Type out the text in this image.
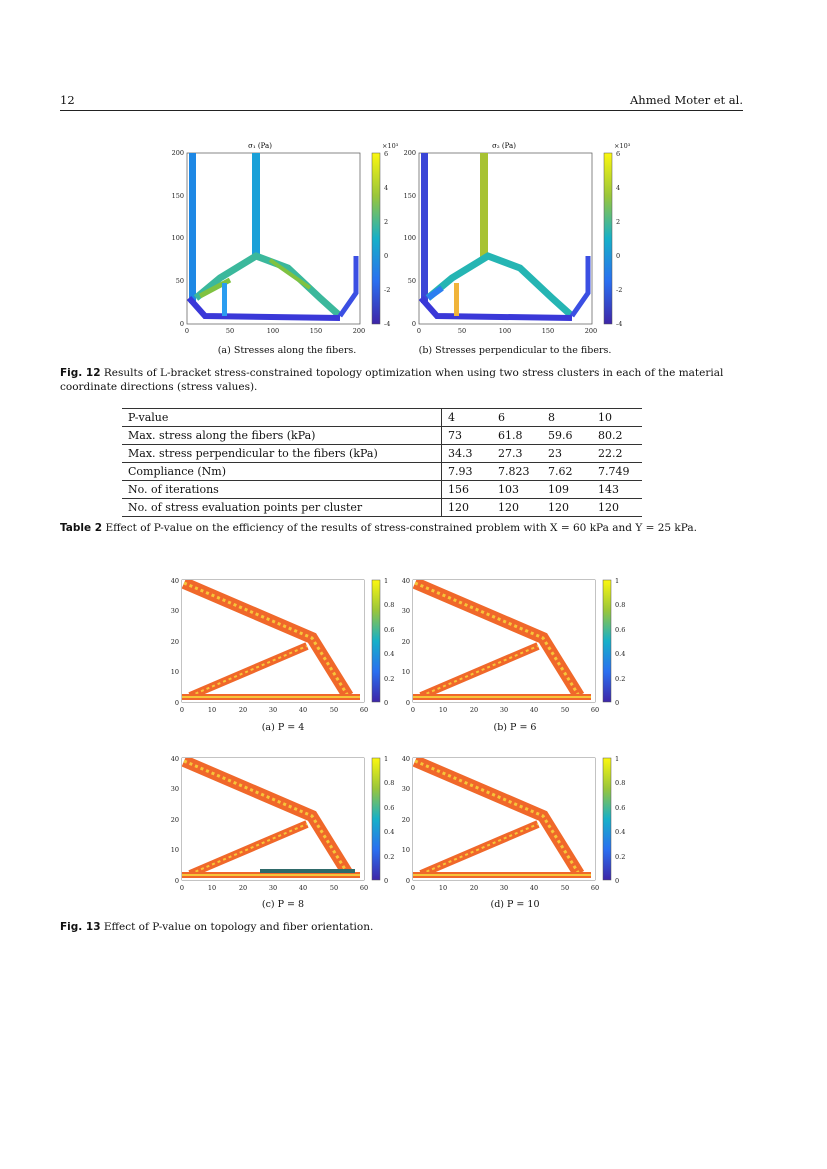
12	Ahmed Moter et al.
σ₁ (Pa)
200
150
100
50
0
0	50	100	150	200
×10³
6
4
2
0
-2
-4
σ₂ (Pa)
200
150
100
50
0
0	50	100	150	200
×10³
6
4
2
0
-2
-4
(a) Stresses along the fibers.	(b) Stresses perpendicular to the fibers.
Fig. 12 Results of L-bracket stress-constrained topology optimization when using two stress clusters in each of the material coordinate directions (stress values).
P-value	4	6	8	10
Max. stress along the fibers (kPa)	73	61.8	59.6	80.2
Max. stress perpendicular to the fibers (kPa)	34.3	27.3	23	22.2
Compliance (Nm)	7.93	7.823	7.62	7.749
No. of iterations	156	103	109	143
No. of stress evaluation points per cluster	120	120	120	120
Table 2 Effect of P-value on the efficiency of the results of stress-constrained problem with X = 60 kPa and Y = 25 kPa.
40
30
20
10
0
0	10	20	30	40	50	60
1
0.8
0.6
0.4
0.2
0
40
30
20
10
0
0	10	20	30	40	50	60
1
0.8
0.6
0.4
0.2
0
40
30
20
10
0
0	10	20	30	40	50	60
1
0.8
0.6
0.4
0.2
0
40
30
20
10
0
0	10	20	30	40	50	60
1
0.8
0.6
0.4
0.2
0
(a) P = 4	(b) P = 6
(c) P = 8	(d) P = 10
Fig. 13 Effect of P-value on topology and fiber orientation.
